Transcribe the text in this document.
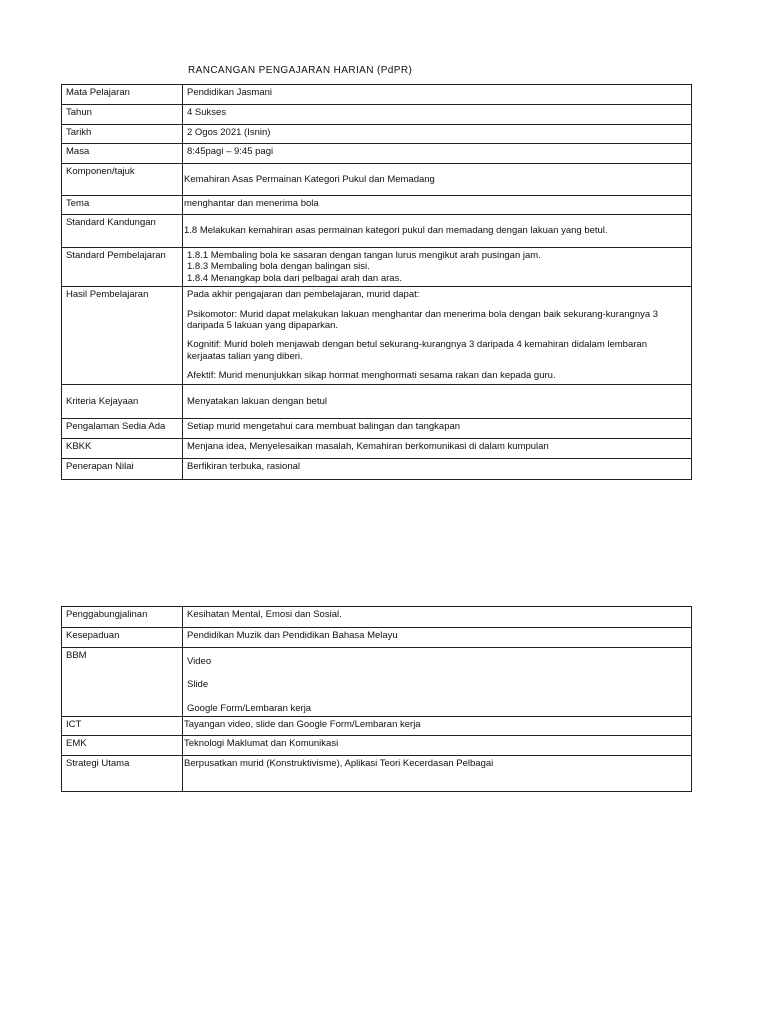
RANCANGAN PENGAJARAN HARIAN (PdPR)
Mata Pelajaran	Pendidikan Jasmani
Tahun	4 Sukses
Tarikh	2 Ogos 2021 (Isnin)
Masa	8:45pagi – 9:45 pagi
Komponen/tajuk	Kemahiran Asas Permainan Kategori Pukul dan Memadang
Tema	menghantar dan menerima bola
Standard Kandungan	1.8 Melakukan kemahiran asas permainan kategori pukul dan memadang dengan lakuan yang betul.
Standard Pembelajaran	1.8.1 Membaling bola ke sasaran dengan tangan lurus mengikut arah pusingan jam.
1.8.3 Membaling bola dengan balingan sisi.
1.8.4 Menangkap bola dari pelbagai arah dan aras.

Hasil Pembelajaran	Pada akhir pengajaran dan pembelajaran, murid dapat:

Psikomotor: Murid dapat melakukan lakuan menghantar dan menerima bola dengan baik sekurang-kurangnya 3 daripada 5 lakuan yang dipaparkan.

Kognitif: Murid boleh menjawab dengan betul sekurang-kurangnya 3 daripada 4 kemahiran didalam lembaran kerjaatas talian yang diberi.

Afektif: Murid menunjukkan sikap hormat menghormati sesama rakan dan kepada guru.

Kriteria Kejayaan	Menyatakan lakuan dengan betul
Pengalaman Sedia Ada	Setiap murid mengetahui cara membuat balingan dan tangkapan
KBKK	Menjana idea, Menyelesaikan masalah, Kemahiran berkomunikasi di dalam kumpulan
Penerapan Nilai	Berfikiran terbuka, rasional
Penggabungjalinan	Kesihatan Mental, Emosi dan Sosial.
Kesepaduan	Pendidikan Muzik dan Pendidikan Bahasa Melayu
BBM	Video

Slide

Google Form/Lembaran kerja

ICT	Tayangan video, slide dan Google Form/Lembaran kerja
EMK	Teknologi Maklumat dan Komunikasi
Strategi Utama	Berpusatkan murid (Konstruktivisme), Aplikasi Teori Kecerdasan Pelbagai
